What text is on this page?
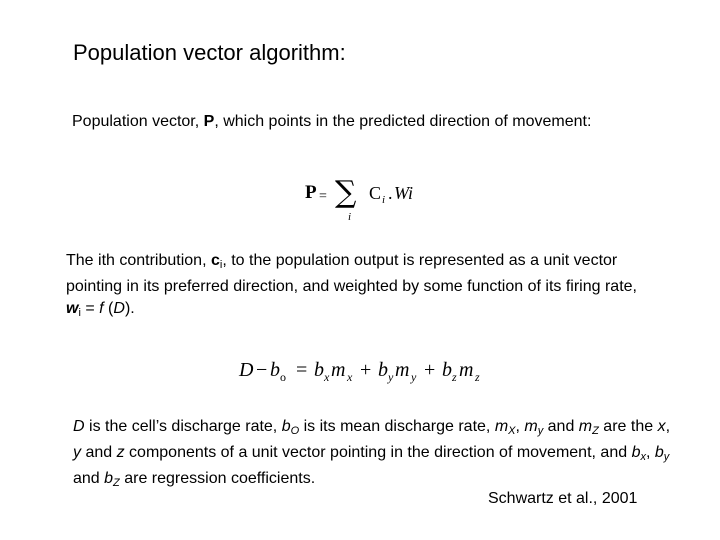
Population vector algorithm:
Population vector, P, which points in the predicted direction of movement:
P = ∑
i
C i . Wi
The ith contribution, $c_i$, to the population output is represented as a unit vector pointing in its preferred direction, and weighted by some function of its firing rate, $w_i = f$ (D).
D − b o = b x m x + b y m y + b z m z
D is the cell’s discharge rate, $b_O$ is its mean discharge rate, $m_X$, $m_y$ and $m_Z$ are the x, y and z components of a unit vector pointing in the direction of movement, and $b_x$, $b_y$ and $b_Z$ are regression coefficients.
Schwartz et al., 2001
